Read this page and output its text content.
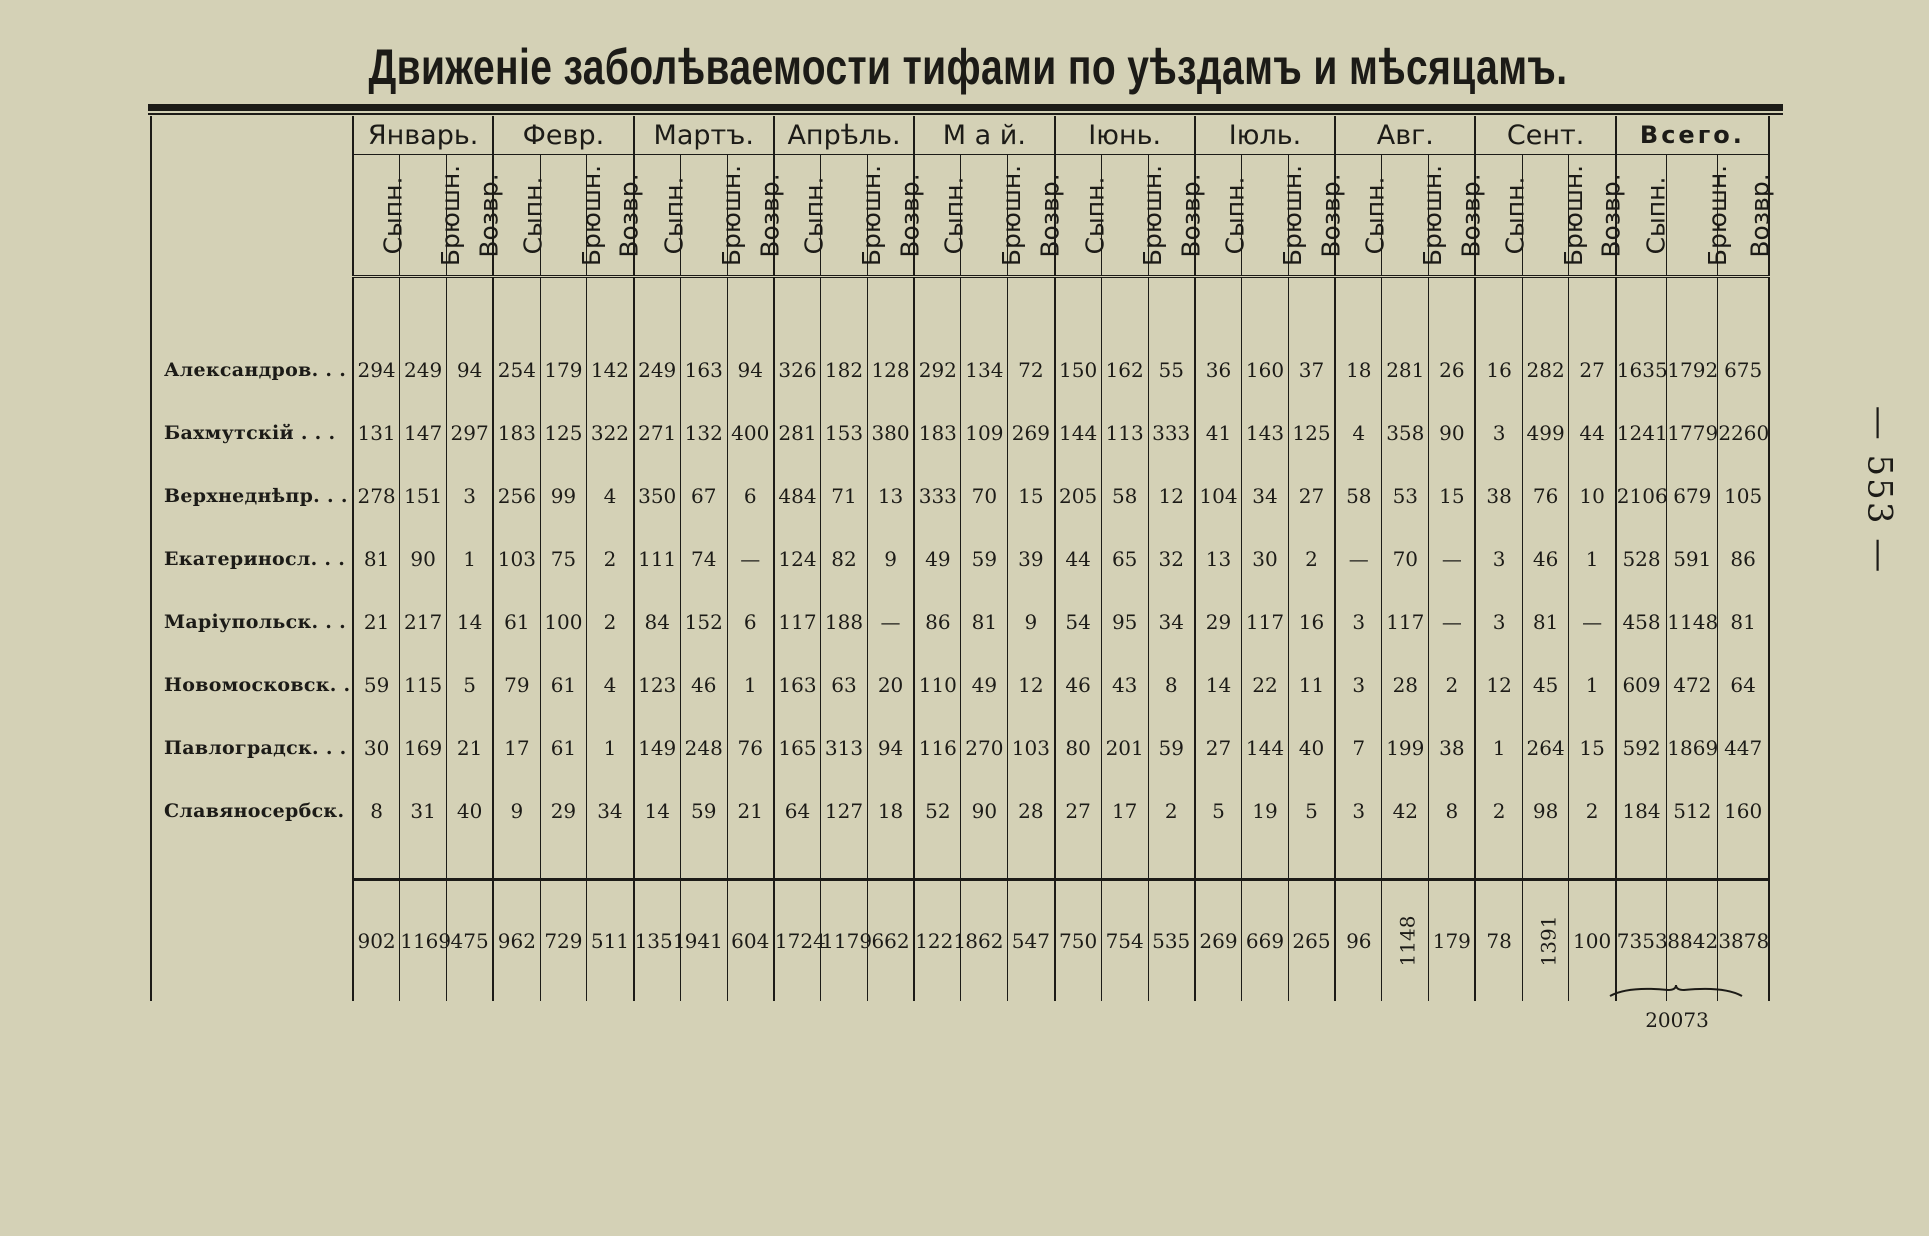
— 553 —
Движеніе заболѣваемости тифами по уѣздамъ и мѣсяцамъ.
	Январь.			Февр.			Мартъ.			Апрѣль.			М а й.			Іюнь.			Іюль.			Авг.			Сент.			Всего.		
	Сыпн.	Брюшн.	Возвр.	Сыпн.	Брюшн.	Возвр.	Сыпн.	Брюшн.	Возвр.	Сыпн.	Брюшн.	Возвр.	Сыпн.	Брюшн.	Возвр.	Сыпн.	Брюшн.	Возвр.	Сыпн.	Брюшн.	Возвр.	Сыпн.	Брюшн.	Возвр.	Сыпн.	Брюшн.	Возвр.	Сыпн.	Брюшн.	Возвр.

Александров. . .	294	249	94	254	179	142	249	163	94	326	182	128	292	134	72	150	162	55	36	160	37	18	281	26	16	282	27	1635	1792	675
Бахмутскій . . .	131	147	297	183	125	322	271	132	400	281	153	380	183	109	269	144	113	333	41	143	125	4	358	90	3	499	44	1241	1779	2260
Верхнеднѣпр. . .	278	151	3	256	99	4	350	67	6	484	71	13	333	70	15	205	58	12	104	34	27	58	53	15	38	76	10	2106	679	105
Екатериносл. . .	81	90	1	103	75	2	111	74	—	124	82	9	49	59	39	44	65	32	13	30	2	—	70	—	3	46	1	528	591	86
Маріупольск. . .	21	217	14	61	100	2	84	152	6	117	188	—	86	81	9	54	95	34	29	117	16	3	117	—	3	81	—	458	1148	81
Новомосковск. .	59	115	5	79	61	4	123	46	1	163	63	20	110	49	12	46	43	8	14	22	11	3	28	2	12	45	1	609	472	64
Павлоградск. . .	30	169	21	17	61	1	149	248	76	165	313	94	116	270	103	80	201	59	27	144	40	7	199	38	1	264	15	592	1869	447
Славяносербск.	8	31	40	9	29	34	14	59	21	64	127	18	52	90	28	27	17	2	5	19	5	3	42	8	2	98	2	184	512	160

	902	1169	475	962	729	511	1351	941	604	1724	1179	662	1221	862	547	750	754	535	269	669	265	96	1148	179	78	1391	100	7353	8842	3878
20073
